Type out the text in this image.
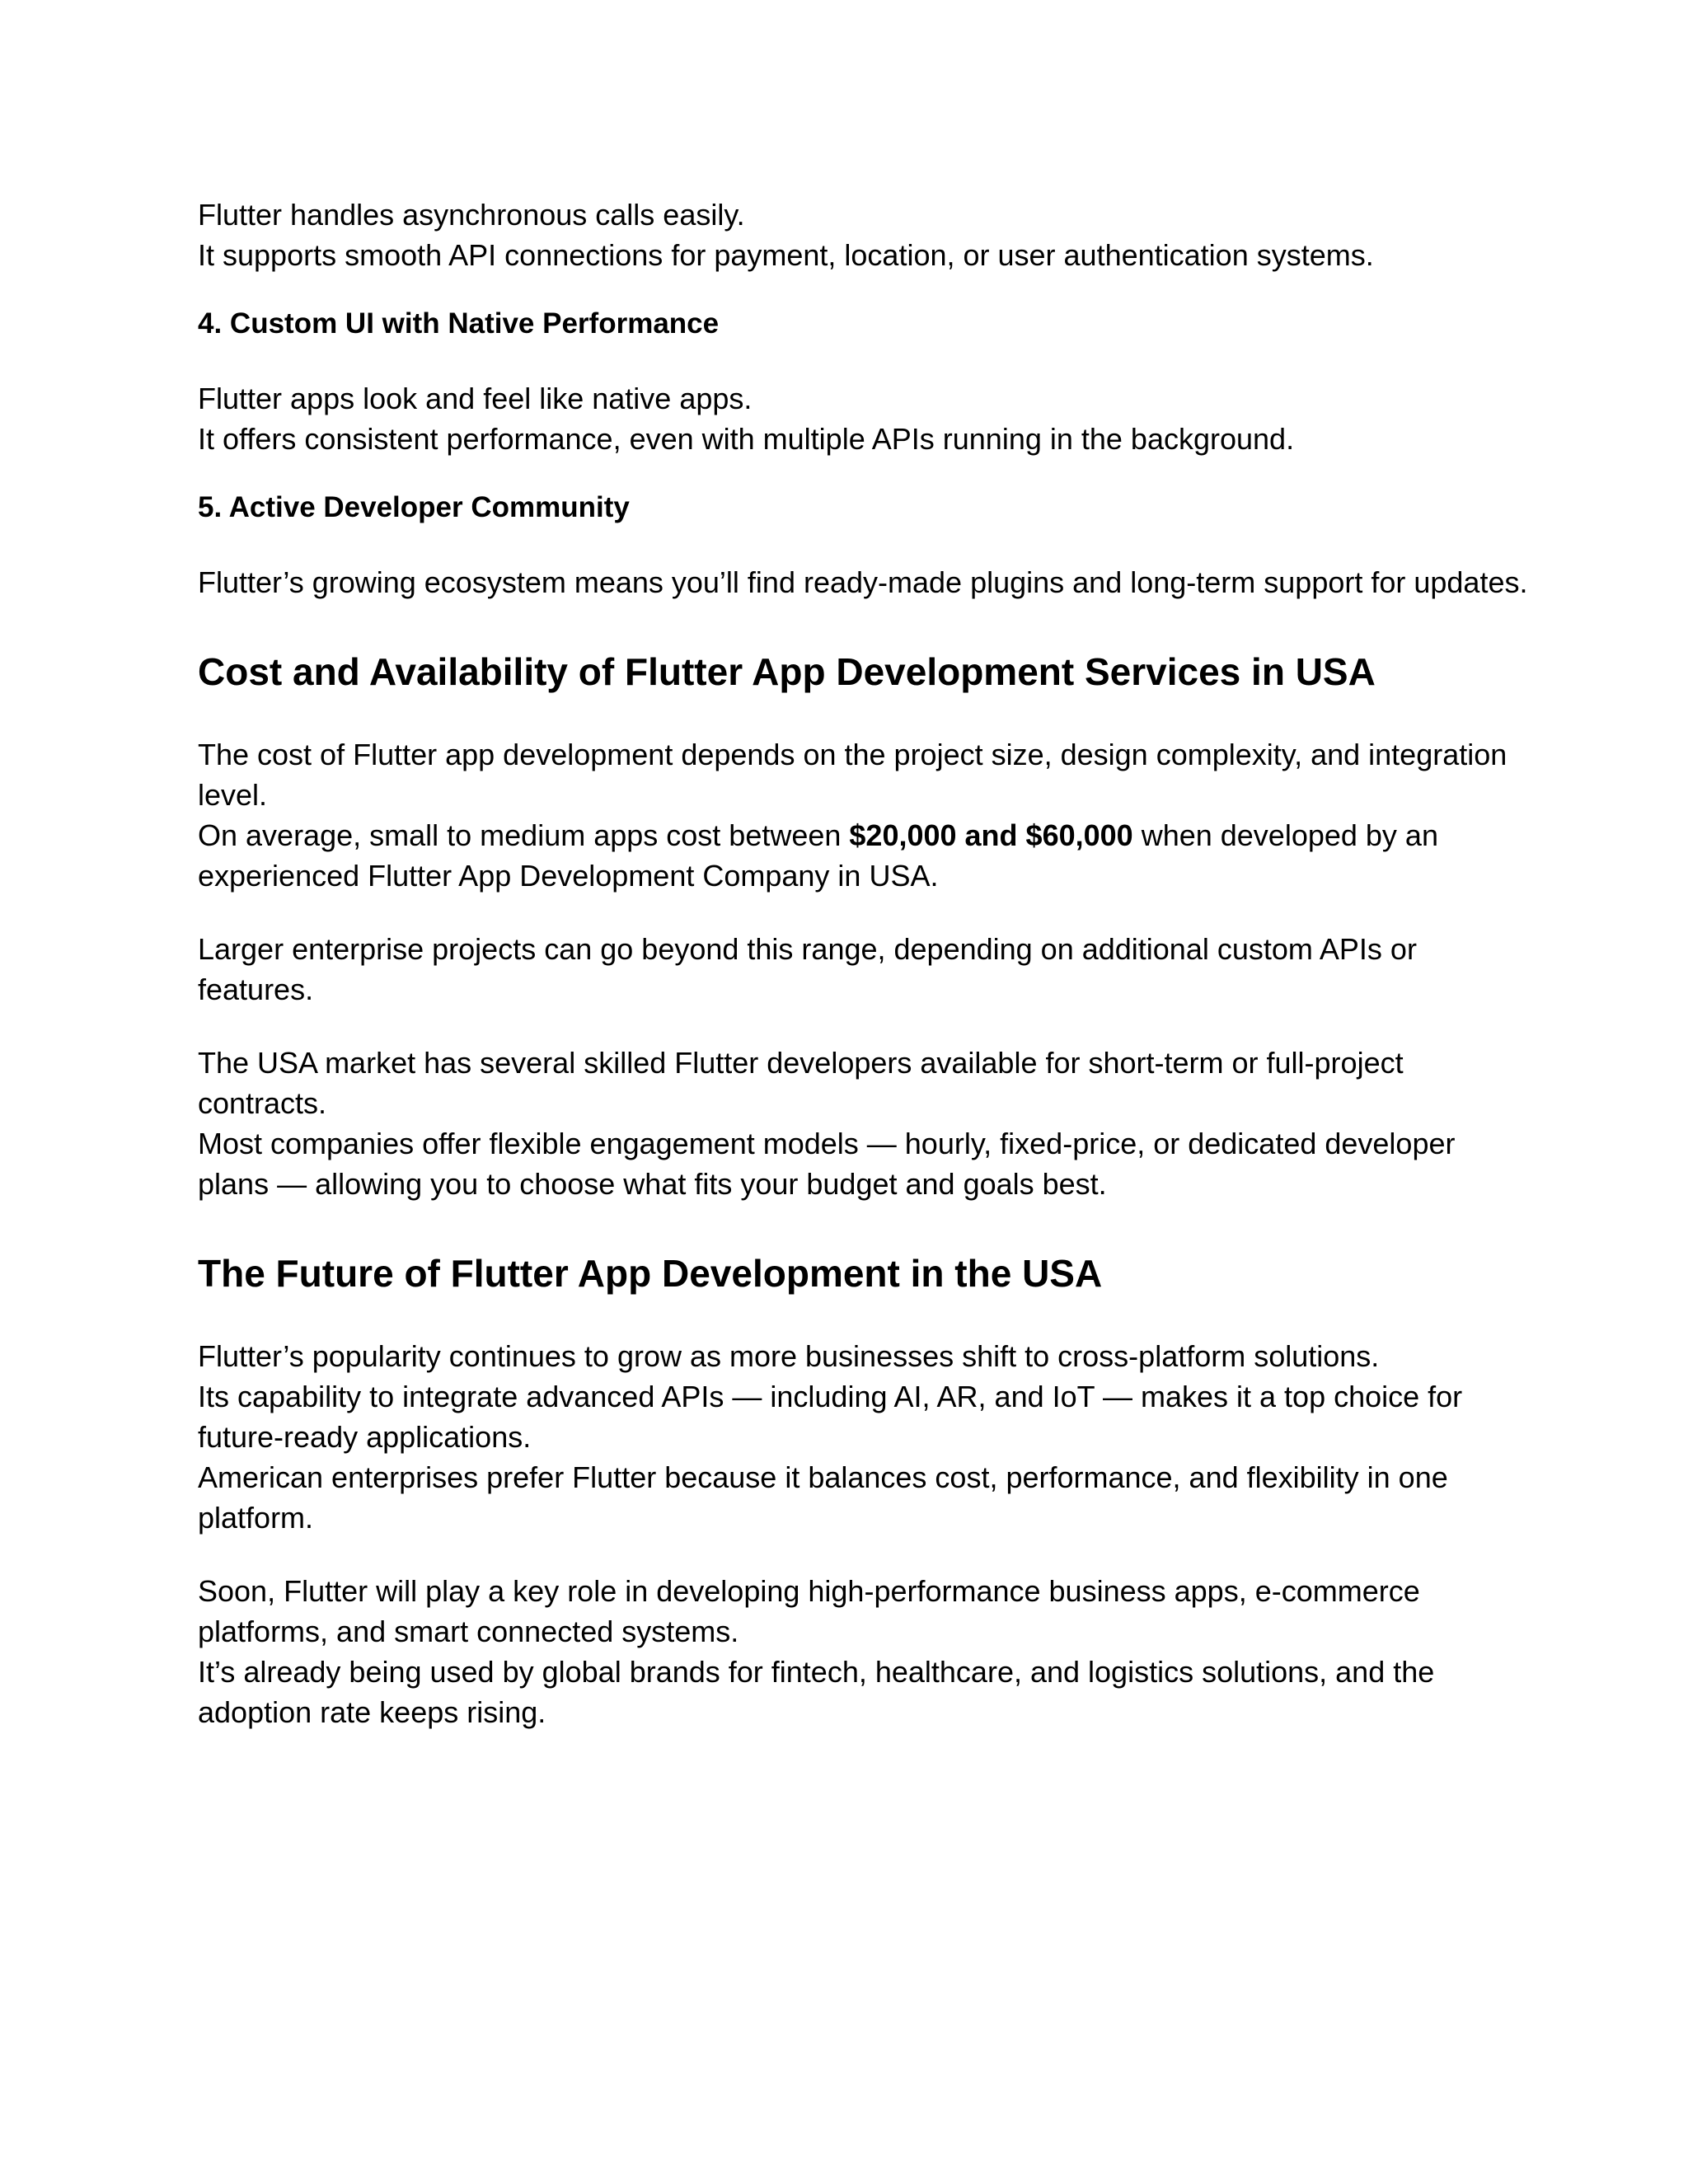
Flutter handles asynchronous calls easily.
It supports smooth API connections for payment, location, or user authentication systems.

4. Custom UI with Native Performance

Flutter apps look and feel like native apps.
It offers consistent performance, even with multiple APIs running in the background.

5. Active Developer Community

Flutter’s growing ecosystem means you’ll find ready-made plugins and long-term support for updates.

Cost and Availability of Flutter App Development Services in USA

The cost of Flutter app development depends on the project size, design complexity, and integration level.
On average, small to medium apps cost between $20,000 and $60,000 when developed by an experienced Flutter App Development Company in USA.

Larger enterprise projects can go beyond this range, depending on additional custom APIs or features.

The USA market has several skilled Flutter developers available for short-term or full-project contracts.
Most companies offer flexible engagement models — hourly, fixed-price, or dedicated developer plans — allowing you to choose what fits your budget and goals best.

The Future of Flutter App Development in the USA

Flutter’s popularity continues to grow as more businesses shift to cross-platform solutions.
Its capability to integrate advanced APIs — including AI, AR, and IoT — makes it a top choice for future-ready applications.
American enterprises prefer Flutter because it balances cost, performance, and flexibility in one platform.

Soon, Flutter will play a key role in developing high-performance business apps, e-commerce platforms, and smart connected systems.
It’s already being used by global brands for fintech, healthcare, and logistics solutions, and the adoption rate keeps rising.
